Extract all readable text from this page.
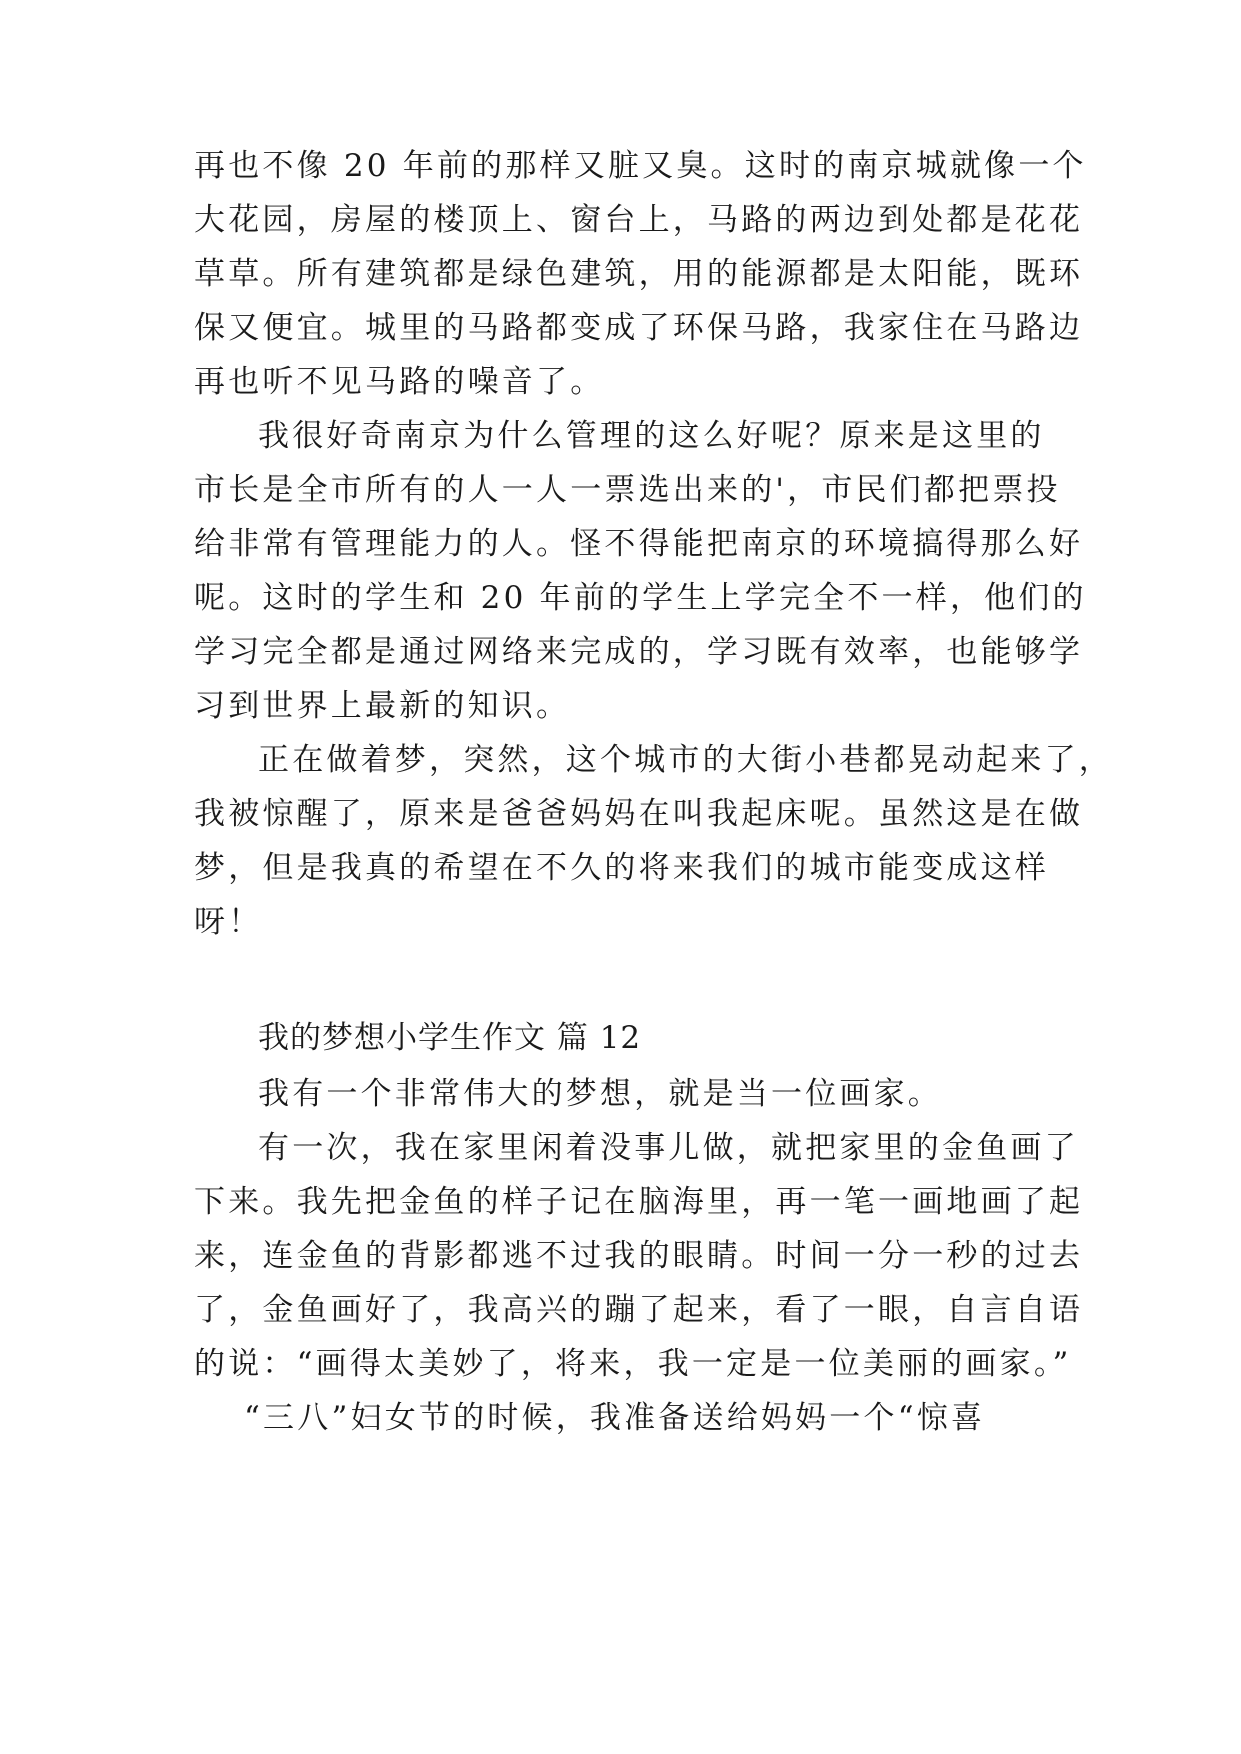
再也不像 20 年前的那样又脏又臭。这时的南京城就像一个
大花园，房屋的楼顶上、窗台上，马路的两边到处都是花花
草草。所有建筑都是绿色建筑，用的能源都是太阳能，既环
保又便宜。城里的马路都变成了环保马路，我家住在马路边
再也听不见马路的噪音了。
我很好奇南京为什么管理的这么好呢？原来是这里的
市长是全市所有的人一人一票选出来的'，市民们都把票投
给非常有管理能力的人。怪不得能把南京的环境搞得那么好
呢。这时的学生和 20 年前的学生上学完全不一样，他们的
学习完全都是通过网络来完成的，学习既有效率，也能够学
习到世界上最新的知识。
正在做着梦，突然，这个城市的大街小巷都晃动起来了，
我被惊醒了，原来是爸爸妈妈在叫我起床呢。虽然这是在做
梦，但是我真的希望在不久的将来我们的城市能变成这样
呀！
我的梦想小学生作文 篇 12
我有一个非常伟大的梦想，就是当一位画家。
有一次，我在家里闲着没事儿做，就把家里的金鱼画了
下来。我先把金鱼的样子记在脑海里，再一笔一画地画了起
来，连金鱼的背影都逃不过我的眼睛。时间一分一秒的过去
了，金鱼画好了，我高兴的蹦了起来，看了一眼，自言自语
的说：“画得太美妙了，将来，我一定是一位美丽的画家。”
“三八”妇女节的时候，我准备送给妈妈一个“惊喜
